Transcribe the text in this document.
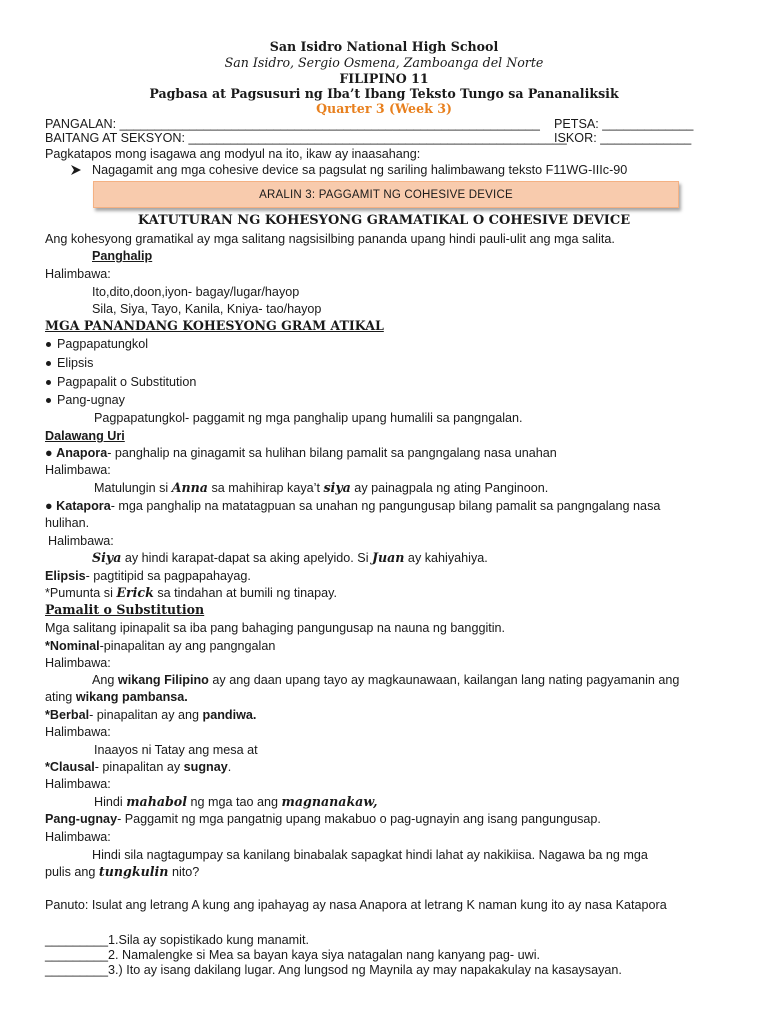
San Isidro National High School
San Isidro, Sergio Osmena, Zamboanga del Norte
FILIPINO 11
Pagbasa at Pagsusuri ng Iba’t Ibang Teksto Tungo sa Pananaliksik
Quarter 3 (Week 3)
PANGALAN: ____________________________________________________________ PETSA: _____________
BAITANG AT SEKSYON: ______________________________________________________
ISKOR: _____________
Pagkatapos mong isagawa ang modyul na ito, ikaw ay inaasahang:
Nagagamit ang mga cohesive device sa pagsulat ng sariling halimbawang teksto F11WG-IIIc-90
ARALIN 3: PAGGAMIT NG COHESIVE DEVICE
KATUTURAN NG KOHESYONG GRAMATIKAL O COHESIVE DEVICE
Ang kohesyong gramatikal ay mga salitang nagsisilbing pananda upang hindi pauli-ulit ang mga salita.
Panghalip
Halimbawa:
Ito,dito,doon,iyon- bagay/lugar/hayop
Sila, Siya, Tayo, Kanila, Kniya- tao/hayop
MGA PANANDANG KOHESYONG GRAM ATIKAL
Pagpapatungkol
Elipsis
Pagpapalit o Substitution
Pang-ugnay
Pagpapatungkol- paggamit ng mga panghalip upang humalili sa pangngalan.
Dalawang Uri
● Anapora- panghalip na ginagamit sa hulihan bilang pamalit sa pangngalang nasa unahan
Halimbawa:
Matulungin si Anna sa mahihirap kaya’t siya ay painagpala ng ating Panginoon.
● Katapora- mga panghalip na matatagpuan sa unahan ng pangungusap bilang pamalit sa pangngalang nasa
hulihan.
Halimbawa:
Siya ay hindi karapat-dapat sa aking apelyido. Si Juan ay kahiyahiya.
Elipsis- pagtitipid sa pagpapahayag.
*Pumunta si Erick sa tindahan at bumili ng tinapay.
Pamalit o Substitution
Mga salitang ipinapalit sa iba pang bahaging pangungusap na nauna ng banggitin.
*Nominal-pinapalitan ay ang pangngalan
Halimbawa:
Ang wikang Filipino ay ang daan upang tayo ay magkaunawaan, kailangan lang nating pagyamanin ang
ating wikang pambansa.
*Berbal- pinapalitan ay ang pandiwa.
Halimbawa:
Inaayos ni Tatay ang mesa at
*Clausal- pinapalitan ay sugnay.
Halimbawa:
Hindi mahabol ng mga tao ang magnanakaw,
Pang-ugnay- Paggamit ng mga pangatnig upang makabuo o pag-ugnayin ang isang pangungusap.
Halimbawa:
Hindi sila nagtagumpay sa kanilang binabalak sapagkat hindi lahat ay nakikiisa. Nagawa ba ng mga
pulis ang tungkulin nito?
Panuto: Isulat ang letrang A kung ang ipahayag ay nasa Anapora at letrang K naman kung ito ay nasa Katapora
_________1.Sila ay sopistikado kung manamit.
_________2. Namalengke si Mea sa bayan kaya siya natagalan nang kanyang pag- uwi.
_________3.) Ito ay isang dakilang lugar. Ang lungsod ng Maynila ay may napakakulay na kasaysayan.
